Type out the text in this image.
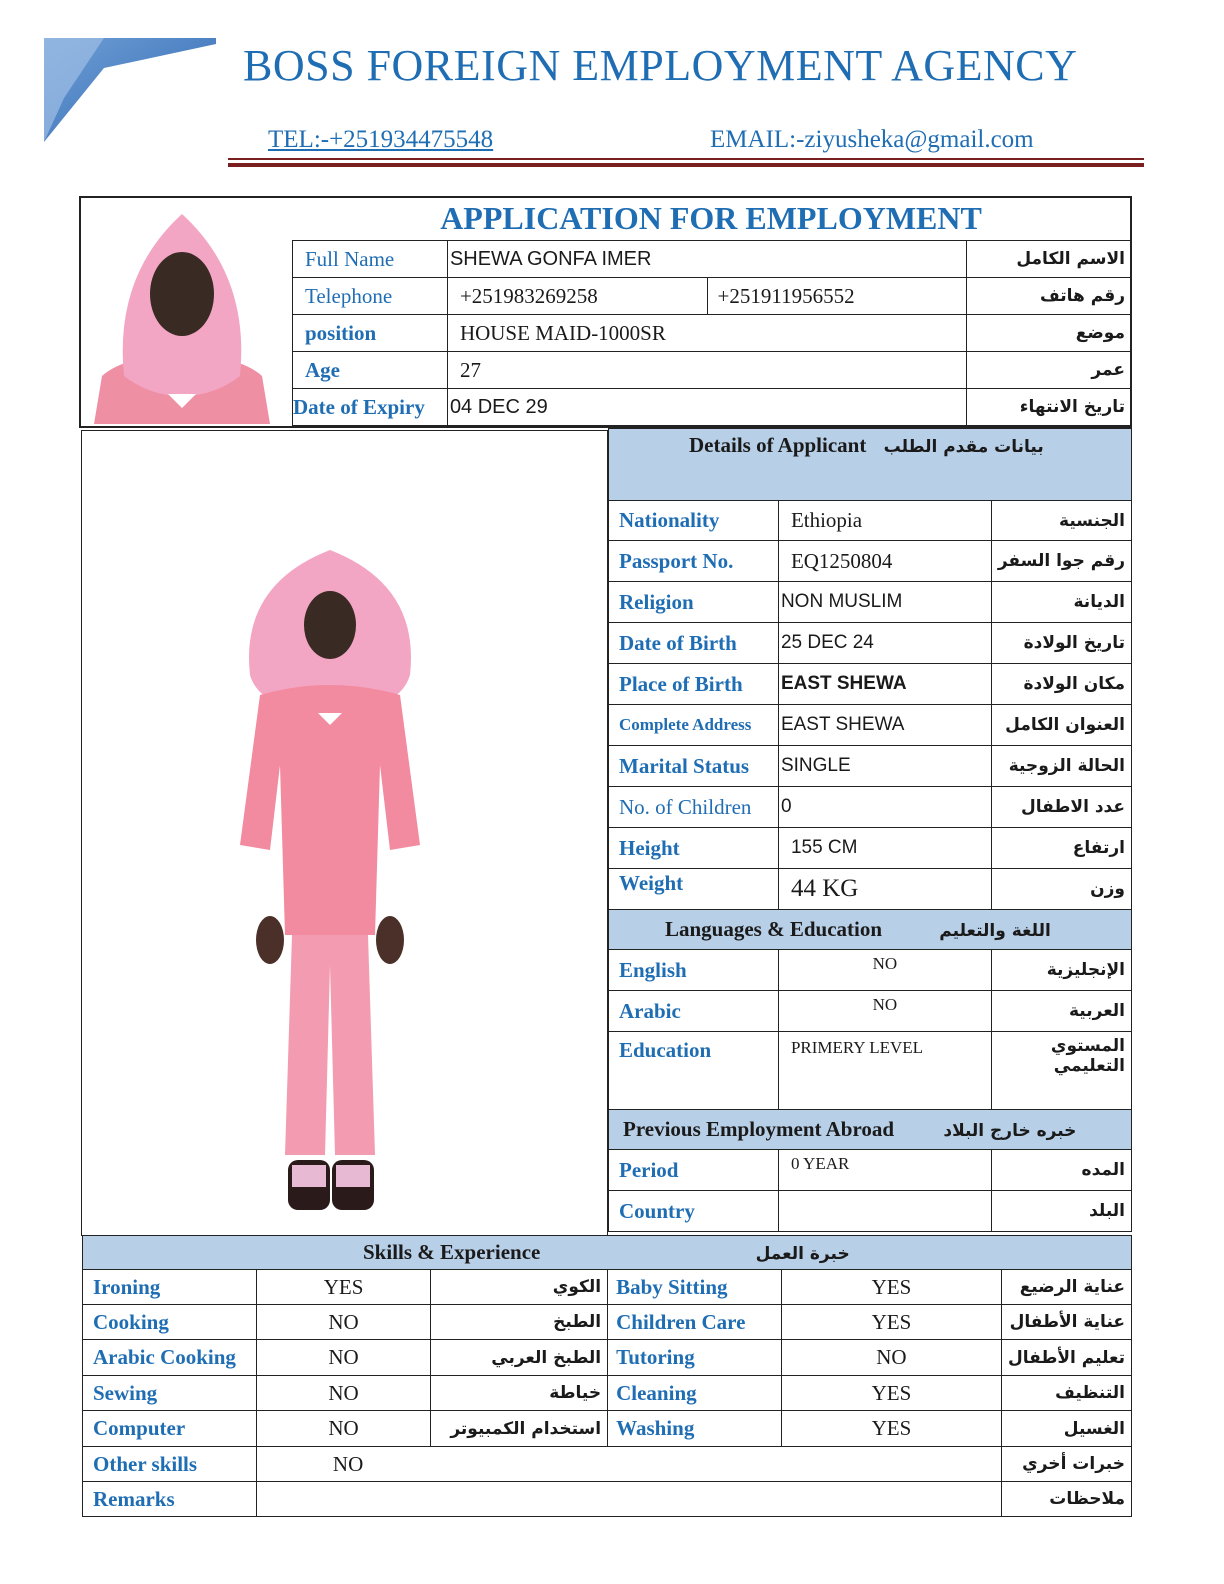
BOSS FOREIGN EMPLOYMENT AGENCY
TEL:-+251934475548	EMAIL:-ziyusheka@gmail.com
APPLICATION FOR EMPLOYMENT
Full Name	SHEWA GONFA IMER		الاسم الكامل
Telephone	+251983269258	+251911956552	رقم هاتف
position	HOUSE MAID-1000SR		موضع
Age	27		عمر
Date of Expiry	04 DEC 29		تاريخ الانتهاء
Details of Applicant بيانات مقدم الطلب		
Nationality	Ethiopia	الجنسية
Passport No.	EQ1250804	رقم جوا السفر
Religion	NON MUSLIM	الديانة
Date of Birth	25 DEC 24	تاريخ الولادة
Place of Birth	EAST SHEWA	مكان الولادة
Complete Address	EAST SHEWA	العنوان الكامل
Marital Status	SINGLE	الحالة الزوجية
No. of Children	0	عدد الاطفال
Height	155 CM	ارتفاع
Weight	44 KG	وزن
Languages & Education اللغة والتعليم		
English	NO	الإنجليزية
Arabic	NO	العربية
Education	PRIMERY LEVEL	المستوي التعليمي
Previous Employment Abroad خبره خارج البلاد		
Period	0 YEAR	المده
Country		البلد
Skills & Experience خبرة العمل					
Ironing	YES	الكوي	Baby Sitting	YES	عناية الرضيع
Cooking	NO	الطبخ	Children Care	YES	عناية الأطفال
Arabic Cooking	NO	الطبخ العربي	Tutoring	NO	تعليم الأطفال
Sewing	NO	خياطة	Cleaning	YES	التنظيف
Computer	NO	استخدام الكمبيوتر	Washing	YES	الغسيل
Other skills	NO				خبرات أخري
Remarks					ملاحظات
